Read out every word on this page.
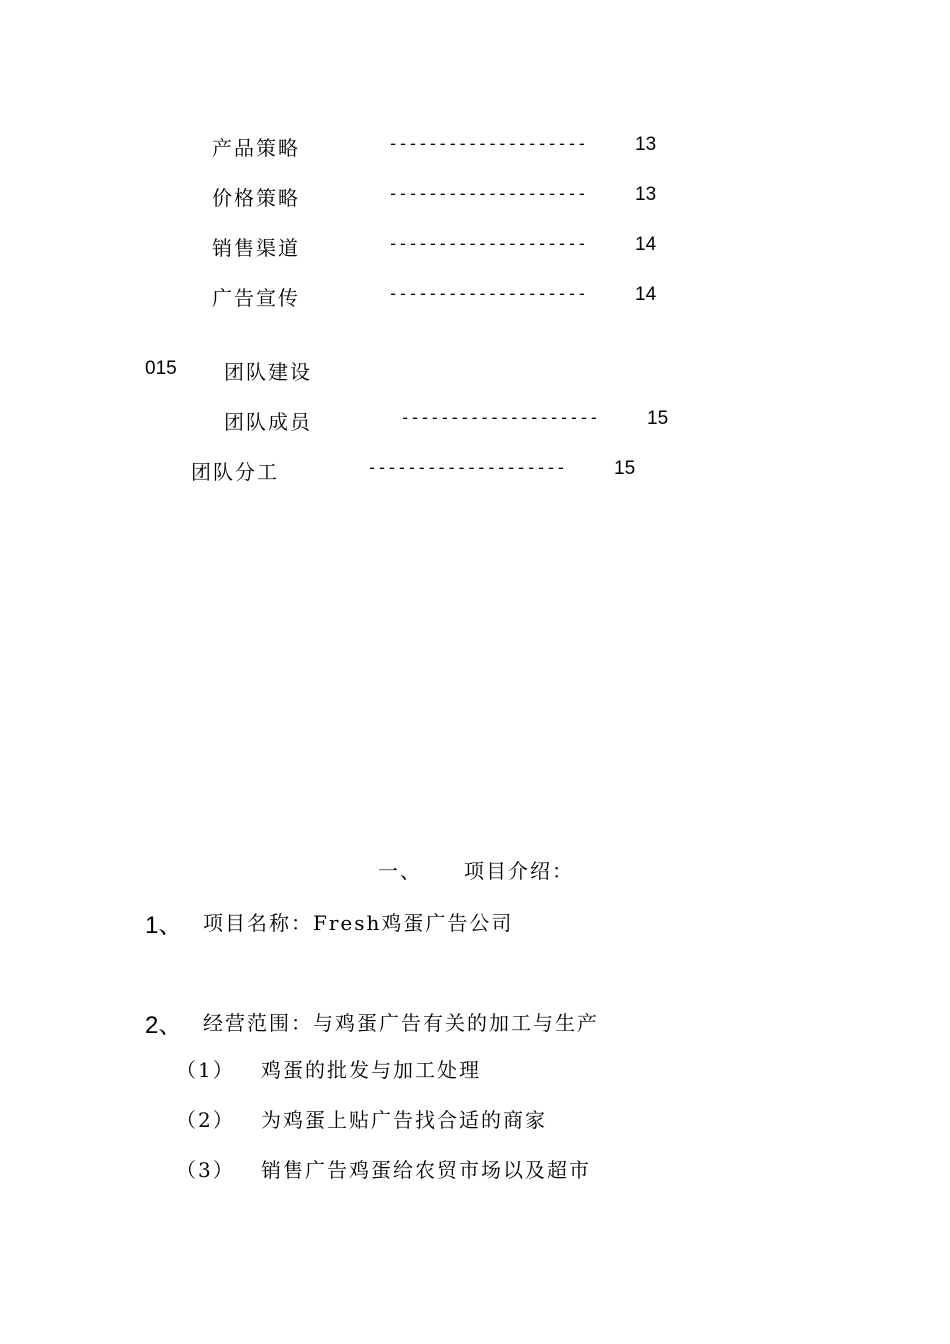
产品策略	--------------------	13
价格策略	--------------------	13
销售渠道	--------------------	14
广告宣传	--------------------	14
015 团队建设
团队成员	--------------------	15
团队分工	--------------------	15
一、 项目介绍：
1、 项目名称：Fresh鸡蛋广告公司
2、 经营范围：与鸡蛋广告有关的加工与生产
（1） 鸡蛋的批发与加工处理
（2） 为鸡蛋上贴广告找合适的商家
（3） 销售广告鸡蛋给农贸市场以及超市
